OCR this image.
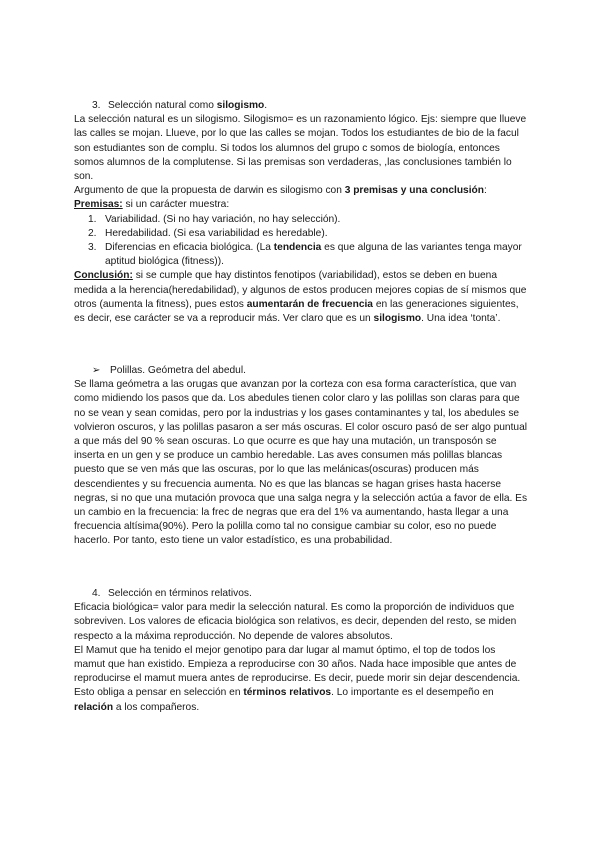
3. Selección natural como silogismo.

La selección natural es un silogismo. Silogismo= es un razonamiento lógico. Ejs: siempre que llueve las calles se mojan. Llueve, por lo que las calles se mojan. Todos los estudiantes de bio de la facul son estudiantes son de complu. Si todos los alumnos del grupo c somos de biología, entonces somos alumnos de la complutense. Si las premisas son verdaderas, ,las conclusiones también lo son.

Argumento de que la propuesta de darwin es silogismo con 3 premisas y una conclusión:

Premisas: si un carácter muestra:

1. Variabilidad. (Si no hay variación, no hay selección).
2. Heredabilidad. (Si esa variabilidad es heredable).
3. Diferencias en eficacia biológica. (La tendencia es que alguna de las variantes tenga mayor aptitud biológica (fitness)).

Conclusión: si se cumple que hay distintos fenotipos (variabilidad), estos se deben en buena medida a la herencia(heredabilidad), y algunos de estos producen mejores copias de sí mismos que otros (aumenta la fitness), pues estos aumentarán de frecuencia en las generaciones siguientes, es decir, ese carácter se va a reproducir más. Ver claro que es un silogismo. Una idea ‘tonta’.

➢ Polillas. Geómetra del abedul.

Se llama geómetra a las orugas que avanzan por la corteza con esa forma característica, que van como midiendo los pasos que da. Los abedules tienen color claro y las polillas son claras para que no se vean y sean comidas, pero por la industrias y los gases contaminantes y tal, los abedules se volvieron oscuros, y las polillas pasaron a ser más oscuras. El color oscuro pasó de ser algo puntual a que más del 90 % sean oscuras. Lo que ocurre es que hay una mutación, un transposón se inserta en un gen y se produce un cambio heredable. Las aves consumen más polillas blancas puesto que se ven más que las oscuras, por lo que las melánicas(oscuras) producen más descendientes y su frecuencia aumenta. No es que las blancas se hagan grises hasta hacerse negras, si no que una mutación provoca que una salga negra y la selección actúa a favor de ella. Es un cambio en la frecuencia: la frec de negras que era del 1% va aumentando, hasta llegar a una frecuencia altísima(90%). Pero la polilla como tal no consigue cambiar su color, eso no puede hacerlo. Por tanto, esto tiene un valor estadístico, es una probabilidad.

4. Selección en términos relativos.

Eficacia biológica= valor para medir la selección natural. Es como la proporción de individuos que sobreviven. Los valores de eficacia biológica son relativos, es decir, dependen del resto, se miden respecto a la máxima reproducción. No depende de valores absolutos.

El Mamut que ha tenido el mejor genotipo para dar lugar al mamut óptimo, el top de todos los mamut que han existido. Empieza a reproducirse con 30 años. Nada hace imposible que antes de reproducirse el mamut muera antes de reproducirse. Es decir, puede morir sin dejar descendencia.

Esto obliga a pensar en selección en términos relativos. Lo importante es el desempeño en relación a los compañeros.
